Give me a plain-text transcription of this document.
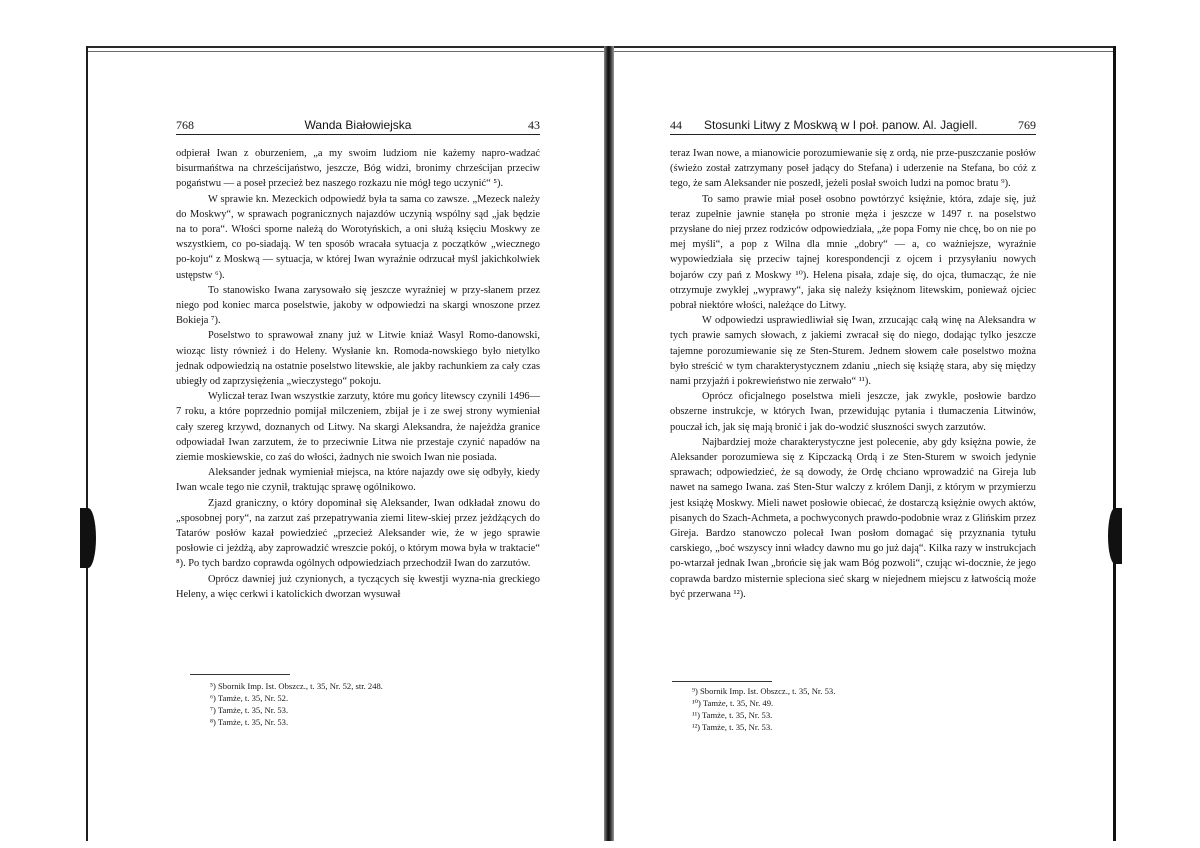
768	Wanda Białowiejska	43

odpierał Iwan z oburzeniem, „a my swoim ludziom nie każemy napro-wadzać bisurmańśtwa na chrześcijaństwo, jeszcze, Bóg widzi, bronimy chrześcijan przeciw pogaństwu — a poseł przecież bez naszego rozkazu nie mógł tego uczynić“ ⁵).

W sprawie kn. Mezeckich odpowiedź była ta sama co zawsze. „Mezeck należy do Moskwy“, w sprawach pogranicznych najazdów uczynią wspólny sąd „jak będzie na to pora“. Włości sporne należą do Worotyńskich, a oni służą księciu Moskwy ze wszystkiem, co po-siadają. W ten sposób wracała sytuacja z początków „wiecznego po-koju“ z Moskwą — sytuacja, w której Iwan wyraźnie odrzucał myśl jakichkolwiek ustępstw ⁶).

To stanowisko Iwana zarysowało się jeszcze wyraźniej w przy-słanem przez niego pod koniec marca poselstwie, jakoby w odpowiedzi na skargi wnoszone przez Bokieja ⁷).

Poselstwo to sprawował znany już w Litwie kniaź Wasyl Romo-danowski, wioząc listy również i do Heleny. Wysłanie kn. Romoda-nowskiego było nietylko jednak odpowiedzią na ostatnie poselstwo litewskie, ale jakby rachunkiem za cały czas ubiegły od zaprzysiężenia „wieczystego“ pokoju.

Wyliczał teraz Iwan wszystkie zarzuty, które mu gońcy litewscy czynili 1496—7 roku, a które poprzednio pomijał milczeniem, zbijał je i ze swej strony wymieniał cały szereg krzywd, doznanych od Litwy. Na skargi Aleksandra, że najeżdża granice odpowiadał Iwan zarzutem, że to przeciwnie Litwa nie przestaje czynić napadów na ziemie moskiewskie, co zaś do włości, żadnych nie swoich Iwan nie posiada.

Aleksander jednak wymieniał miejsca, na które najazdy owe się odbyły, kiedy Iwan wcale tego nie czynił, traktując sprawę ogólnikowo.

Zjazd graniczny, o który dopominał się Aleksander, Iwan odkładał znowu do „sposobnej pory“, na zarzut zaś przepatrywania ziemi litew-skiej przez jeżdżących do Tatarów posłów kazał powiedzieć „przecież Aleksander wie, że w jego sprawie posłowie ci jeżdżą, aby zaprowadzić wreszcie pokój, o którym mowa była w traktacie“ ⁸). Po tych bardzo coprawda ogólnych odpowiedziach przechodził Iwan do zarzutów.

Oprócz dawniej już czynionych, a tyczących się kwestji wyzna-nia greckiego Heleny, a więc cerkwi i katolickich dworzan wysuwał

⁵) Sbornik Imp. Ist. Obszcz., t. 35, Nr. 52, str. 248.
⁶) Tamże, t. 35, Nr. 52.
⁷) Tamże, t. 35, Nr. 53.
⁸) Tamże, t. 35, Nr. 53.
44 Stosunki Litwy z Moskwą w I poł. panow. Al. Jagiell.	769

teraz Iwan nowe, a mianowicie porozumiewanie się z ordą, nie prze-puszczanie posłów (świeżo został zatrzymany poseł jadący do Stefana) i uderzenie na Stefana, bo cóż z tego, że sam Aleksander nie poszedł, jeżeli posłał swoich ludzi na pomoc bratu ⁹).

To samo prawie miał poseł osobno powtórzyć księżnie, która, zdaje się, już teraz zupełnie jawnie stanęła po stronie męża i jeszcze w 1497 r. na poselstwo przysłane do niej przez rodziców odpowiedziała, „że popa Fomy nie chcę, bo on nie po mej myśli“, a pop z Wilna dla mnie „dobry“ — a, co ważniejsze, wyraźnie wypowiedziała się przeciw tajnej korespondencji z ojcem i przysyłaniu nowych bojarów czy pań z Moskwy ¹⁰). Helena pisała, zdaje się, do ojca, tłumacząc, że nie otrzymuje zwykłej „wyprawy“, jaka się należy księżnom litewskim, ponieważ ojciec pobrał niektóre włości, należące do Litwy.

W odpowiedzi usprawiedliwiał się Iwan, zrzucając całą winę na Aleksandra w tych prawie samych słowach, z jakiemi zwracał się do niego, dodając tylko jeszcze tajemne porozumiewanie się ze Sten-Sturem. Jednem słowem całe poselstwo można było streścić w tym charakterystycznem zdaniu „niech się książę stara, aby się między nami przyjaźń i pokrewieństwo nie zerwało“ ¹¹).

Oprócz oficjalnego poselstwa mieli jeszcze, jak zwykle, posłowie bardzo obszerne instrukcje, w których Iwan, przewidując pytania i tłumaczenia Litwinów, pouczał ich, jak się mają bronić i jak do-wodzić słuszności swych zarzutów.

Najbardziej może charakterystyczne jest polecenie, aby gdy księżna powie, że Aleksander porozumiewa się z Kipczacką Ordą i ze Sten-Sturem w swoich jedynie sprawach; odpowiedzieć, że są dowody, że Ordę chciano wprowadzić na Gireja lub nawet na samego Iwana. zaś Sten-Stur walczy z królem Danji, z którym w przymierzu jest książę Moskwy. Mieli nawet posłowie obiecać, że dostarczą księżnie owych aktów, pisanych do Szach-Achmeta, a pochwyconych prawdo-podobnie wraz z Glińskim przez Gireja. Bardzo stanowczo polecał Iwan posłom domagać się przyznania tytułu carskiego, „boć wszyscy inni władcy dawno mu go już dają“. Kilka razy w instrukcjach po-wtarzał jednak Iwan „brońcie się jak wam Bóg pozwoli“, czując wi-docznie, że jego coprawda bardzo misternie spleciona sieć skarg w niejednem miejscu z łatwością może być przerwana ¹²).

⁹) Sbornik Imp. Ist. Obszcz., t. 35, Nr. 53.
¹⁰) Tamże, t. 35, Nr. 49.
¹¹) Tamże, t. 35, Nr. 53.
¹²) Tamże, t. 35, Nr. 53.
